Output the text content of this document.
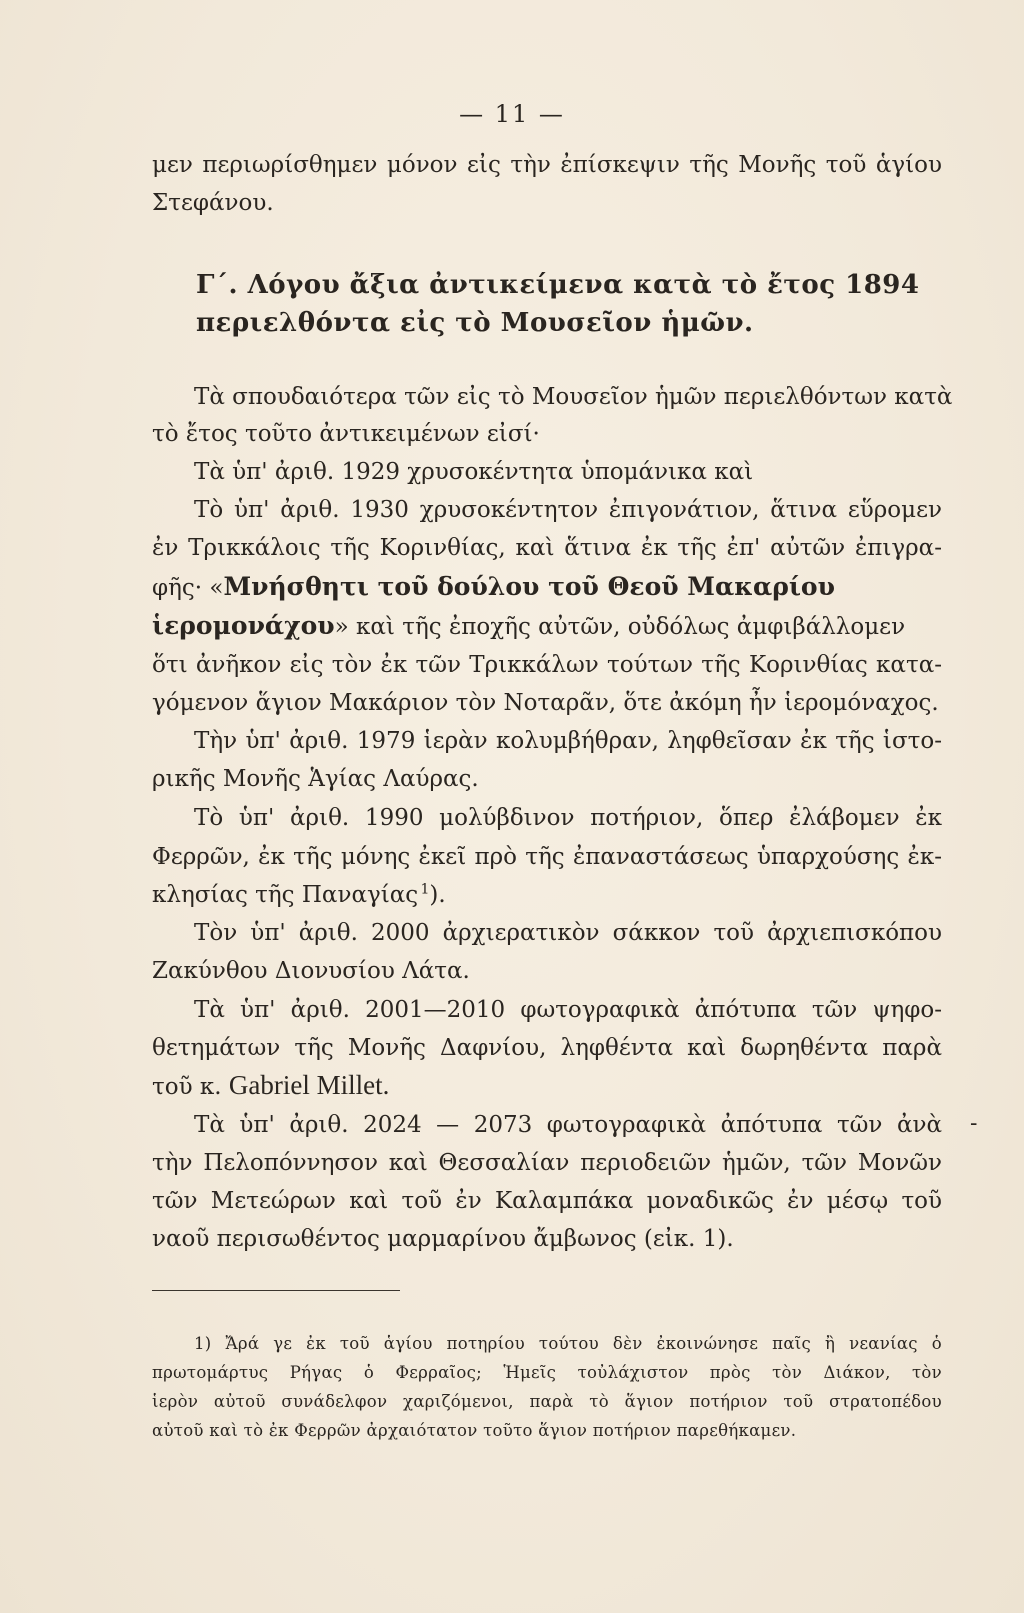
— 11 —
μεν περιωρίσθημεν μόνον εἰς τὴν ἐπίσκεψιν τῆς Μονῆς τοῦ ἁγίου
Στεφάνου.
Γ΄. Λόγου ἄξια ἀντικείμενα κατὰ τὸ ἔτος 1894
περιελθόντα εἰς τὸ Μουσεῖον ἡμῶν.
Τὰ σπουδαιότερα τῶν εἰς τὸ Μουσεῖον ἡμῶν περιελθόντων κατὰ
τὸ ἔτος τοῦτο ἀντικειμένων εἰσί·
Τὰ ὑπ' ἀριθ. 1929 χρυσοκέντητα ὑπομάνικα καὶ
Τὸ ὑπ' ἀριθ. 1930 χρυσοκέντητον ἐπιγονάτιον, ἅτινα εὕρομεν
ἐν Τρικκάλοις τῆς Κορινθίας, καὶ ἅτινα ἐκ τῆς ἐπ' αὐτῶν ἐπιγρα-
φῆς· «Μνήσθητι τοῦ δούλου τοῦ Θεοῦ Μακαρίου
ἱερομονάχου» καὶ τῆς ἐποχῆς αὐτῶν, οὐδόλως ἀμφιβάλλομεν
ὅτι ἀνῆκον εἰς τὸν ἐκ τῶν Τρικκάλων τούτων τῆς Κορινθίας κατα-
γόμενον ἅγιον Μακάριον τὸν Νοταρᾶν, ὅτε ἀκόμη ἦν ἱερομόναχος.
Τὴν ὑπ' ἀριθ. 1979 ἱερὰν κολυμβήθραν, ληφθεῖσαν ἐκ τῆς ἱστο-
ρικῆς Μονῆς Ἁγίας Λαύρας.
Τὸ ὑπ' ἀριθ. 1990 μολύβδινον ποτήριον, ὅπερ ἐλάβομεν ἐκ
Φερρῶν, ἐκ τῆς μόνης ἐκεῖ πρὸ τῆς ἐπαναστάσεως ὑπαρχούσης ἐκ-
κλησίας τῆς Παναγίας  $^1$).
Τὸν ὑπ' ἀριθ. 2000 ἀρχιερατικὸν σάκκον τοῦ ἀρχιεπισκόπου
Ζακύνθου Διονυσίου Λάτα.
Τὰ ὑπ' ἀριθ. 2001—2010 φωτογραφικὰ ἀπότυπα τῶν ψηφο-
θετημάτων τῆς Μονῆς Δαφνίου, ληφθέντα καὶ δωρηθέντα παρὰ
τοῦ κ. Gabriel Millet.
Τὰ ὑπ' ἀριθ. 2024 — 2073 φωτογραφικὰ ἀπότυπα τῶν ἀνὰ -
τὴν Πελοπόννησον καὶ Θεσσαλίαν περιοδειῶν ἡμῶν, τῶν Μονῶν
τῶν Μετεώρων καὶ τοῦ ἐν Καλαμπάκα μοναδικῶς ἐν μέσῳ τοῦ
ναοῦ περισωθέντος μαρμαρίνου ἄμβωνος (εἰκ. 1).
1) Ἄρά γε ἐκ τοῦ ἁγίου ποτηρίου τούτου δὲν ἐκοινώνησε παῖς ἢ νεανίας ὁ
πρωτομάρτυς Ρήγας ὁ Φερραῖος; Ἡμεῖς τοὐλάχιστον πρὸς τὸν Διάκον, τὸν
ἱερὸν αὐτοῦ συνάδελφον χαριζόμενοι, παρὰ τὸ ἅγιον ποτήριον τοῦ στρατοπέδου
αὐτοῦ καὶ τὸ ἐκ Φερρῶν ἀρχαιότατον τοῦτο ἅγιον ποτήριον παρεθήκαμεν.
